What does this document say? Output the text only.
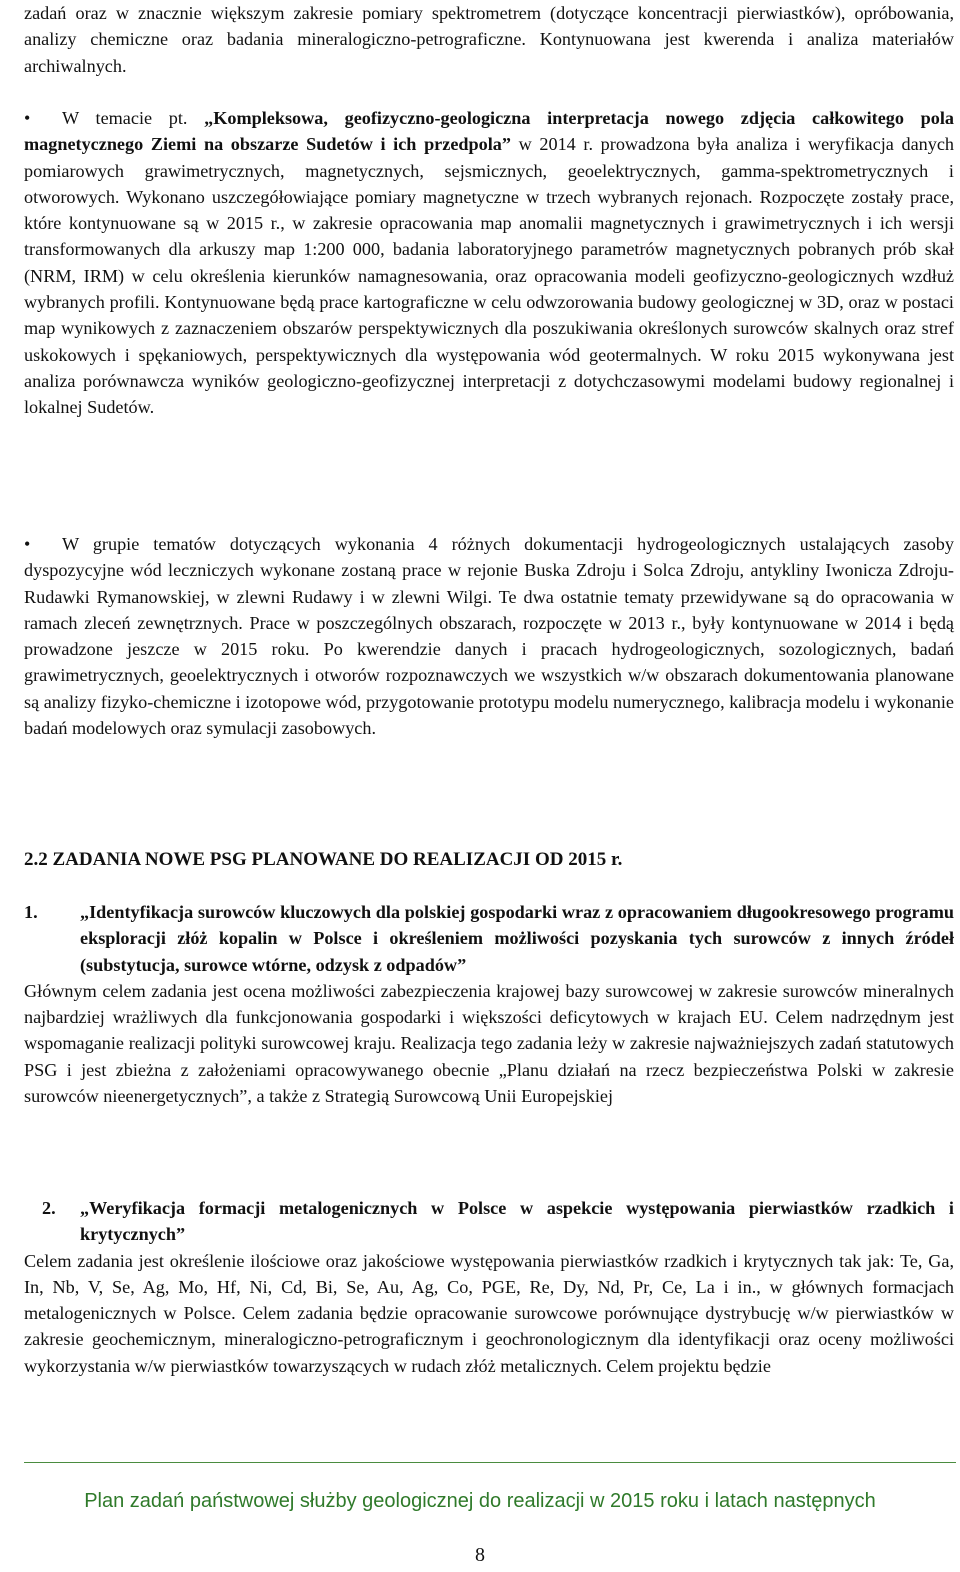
zadań oraz w znacznie większym zakresie pomiary spektrometrem (dotyczące koncentracji pierwiastków), opróbowania, analizy chemiczne oraz badania mineralogiczno-petrograficzne. Kontynuowana jest kwerenda i analiza materiałów archiwalnych.

•	W temacie pt. „Kompleksowa, geofizyczno-geologiczna interpretacja nowego zdjęcia całkowitego pola magnetycznego Ziemi na obszarze Sudetów i ich przedpola” w 2014 r. prowadzona była analiza i weryfikacja danych pomiarowych grawimetrycznych, magnetycznych, sejsmicznych, geoelektrycznych, gamma-spektrometrycznych i otworowych. Wykonano uszczegółowiające pomiary magnetyczne w trzech wybranych rejonach. Rozpoczęte zostały prace, które kontynuowane są w 2015 r., w zakresie opracowania map anomalii magnetycznych i grawimetrycznych i ich wersji transformowanych dla arkuszy map 1:200 000, badania laboratoryjnego parametrów magnetycznych pobranych prób skał (NRM, IRM) w celu określenia kierunków namagnesowania, oraz opracowania modeli geofizyczno-geologicznych wzdłuż wybranych profili. Kontynuowane będą prace kartograficzne w celu odwzorowania budowy geologicznej w 3D, oraz w postaci map wynikowych z zaznaczeniem obszarów perspektywicznych dla poszukiwania określonych surowców skalnych oraz stref uskokowych i spękaniowych, perspektywicznych dla występowania wód geotermalnych. W roku 2015 wykonywana jest analiza porównawcza wyników geologiczno-geofizycznej interpretacji z dotychczasowymi modelami budowy regionalnej i lokalnej Sudetów.

•	W grupie tematów dotyczących wykonania 4 różnych dokumentacji hydrogeologicznych ustalających zasoby dyspozycyjne wód leczniczych wykonane zostaną prace w rejonie Buska Zdroju i Solca Zdroju, antykliny Iwonicza Zdroju-Rudawki Rymanowskiej, w zlewni Rudawy i w zlewni Wilgi. Te dwa ostatnie tematy przewidywane są do opracowania w ramach zleceń zewnętrznych. Prace w poszczególnych obszarach, rozpoczęte w 2013 r., były kontynuowane w 2014 i będą prowadzone jeszcze w 2015 roku. Po kwerendzie danych i pracach hydrogeologicznych, sozologicznych, badań grawimetrycznych, geoelektrycznych i otworów rozpoznawczych we wszystkich w/w obszarach dokumentowania planowane są analizy fizyko-chemiczne i izotopowe wód, przygotowanie prototypu modelu numerycznego, kalibracja modelu i wykonanie badań modelowych oraz symulacji zasobowych.

2.2 ZADANIA NOWE PSG PLANOWANE DO REALIZACJI OD 2015 r.

1. „Identyfikacja surowców kluczowych dla polskiej gospodarki wraz z opracowaniem długookresowego programu eksploracji złóż kopalin w Polsce i określeniem możliwości pozyskania tych surowców z innych źródeł (substytucja, surowce wtórne, odzysk z odpadów”

Głównym celem zadania jest ocena możliwości zabezpieczenia krajowej bazy surowcowej w zakresie surowców mineralnych najbardziej wrażliwych dla funkcjonowania gospodarki i większości deficytowych w krajach EU. Celem nadrzędnym jest wspomaganie realizacji polityki surowcowej kraju. Realizacja tego zadania leży w zakresie najważniejszych zadań statutowych PSG i jest zbieżna z założeniami opracowywanego obecnie „Planu działań na rzecz bezpieczeństwa Polski w zakresie surowców nieenergetycznych”, a także z Strategią Surowcową Unii Europejskiej

2. „Weryfikacja formacji metalogenicznych w Polsce w aspekcie występowania pierwiastków rzadkich i krytycznych”

Celem zadania jest określenie ilościowe oraz jakościowe występowania pierwiastków rzadkich i krytycznych tak jak: Te, Ga, In, Nb, V, Se, Ag, Mo, Hf, Ni, Cd, Bi, Se, Au, Ag, Co, PGE, Re, Dy, Nd, Pr, Ce, La i in., w głównych formacjach metalogenicznych w Polsce. Celem zadania będzie opracowanie surowcowe porównujące dystrybucję w/w pierwiastków w zakresie geochemicznym, mineralogiczno-petrograficznym i geochronologicznym dla identyfikacji oraz oceny możliwości wykorzystania w/w pierwiastków towarzyszących w rudach złóż metalicznych. Celem projektu będzie

Plan zadań państwowej służby geologicznej do realizacji w 2015 roku i latach następnych
8
